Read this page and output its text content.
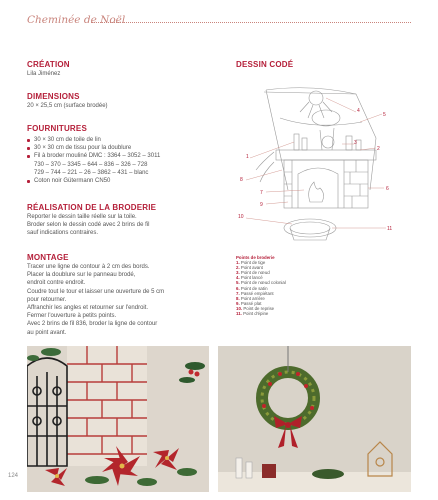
Cheminée de Noël
CRÉATION
Lila Jiménez
DIMENSIONS
20 × 25,5 cm (surface brodée)
FOURNITURES
30 × 30 cm de toile de lin
30 × 30 cm de tissu pour la doublure
Fil à broder mouliné DMC : 3364 – 3052 – 3011
730 – 370 – 3345 – 644 – 836 – 326 – 728
729 – 744 – 221 – 26 – 3862 – 431 – blanc
Coton noir Gütermann CN50
RÉALISATION DE LA BRODERIE
Reporter le dessin taille réelle sur la toile.
Broder selon le dessin codé avec 2 brins de fil
sauf indications contraires.
MONTAGE
Tracer une ligne de contour à 2 cm des bords.
Placer la doublure sur le panneau brodé,
endroit contre endroit.
Coudre tout le tour et laisser une ouverture de 5 cm
pour retourner.
Affranchir les angles et retourner sur l'endroit.
Fermer l'ouverture à petits points.
Avec 2 brins de fil 836, broder la ligne de contour
au point avant.
DESSIN CODÉ
4
5
3
2
1
8
6
7
9
10
11
Points de broderie
1. Point de tige
2. Point avant
3. Point de nœud
4. Point lancé
5. Point de nœud colonial
6. Point de satin
7. Passé empiétant
8. Point arrière
9. Passé plat
10. Point de reprise
11. Point d'épine
124
